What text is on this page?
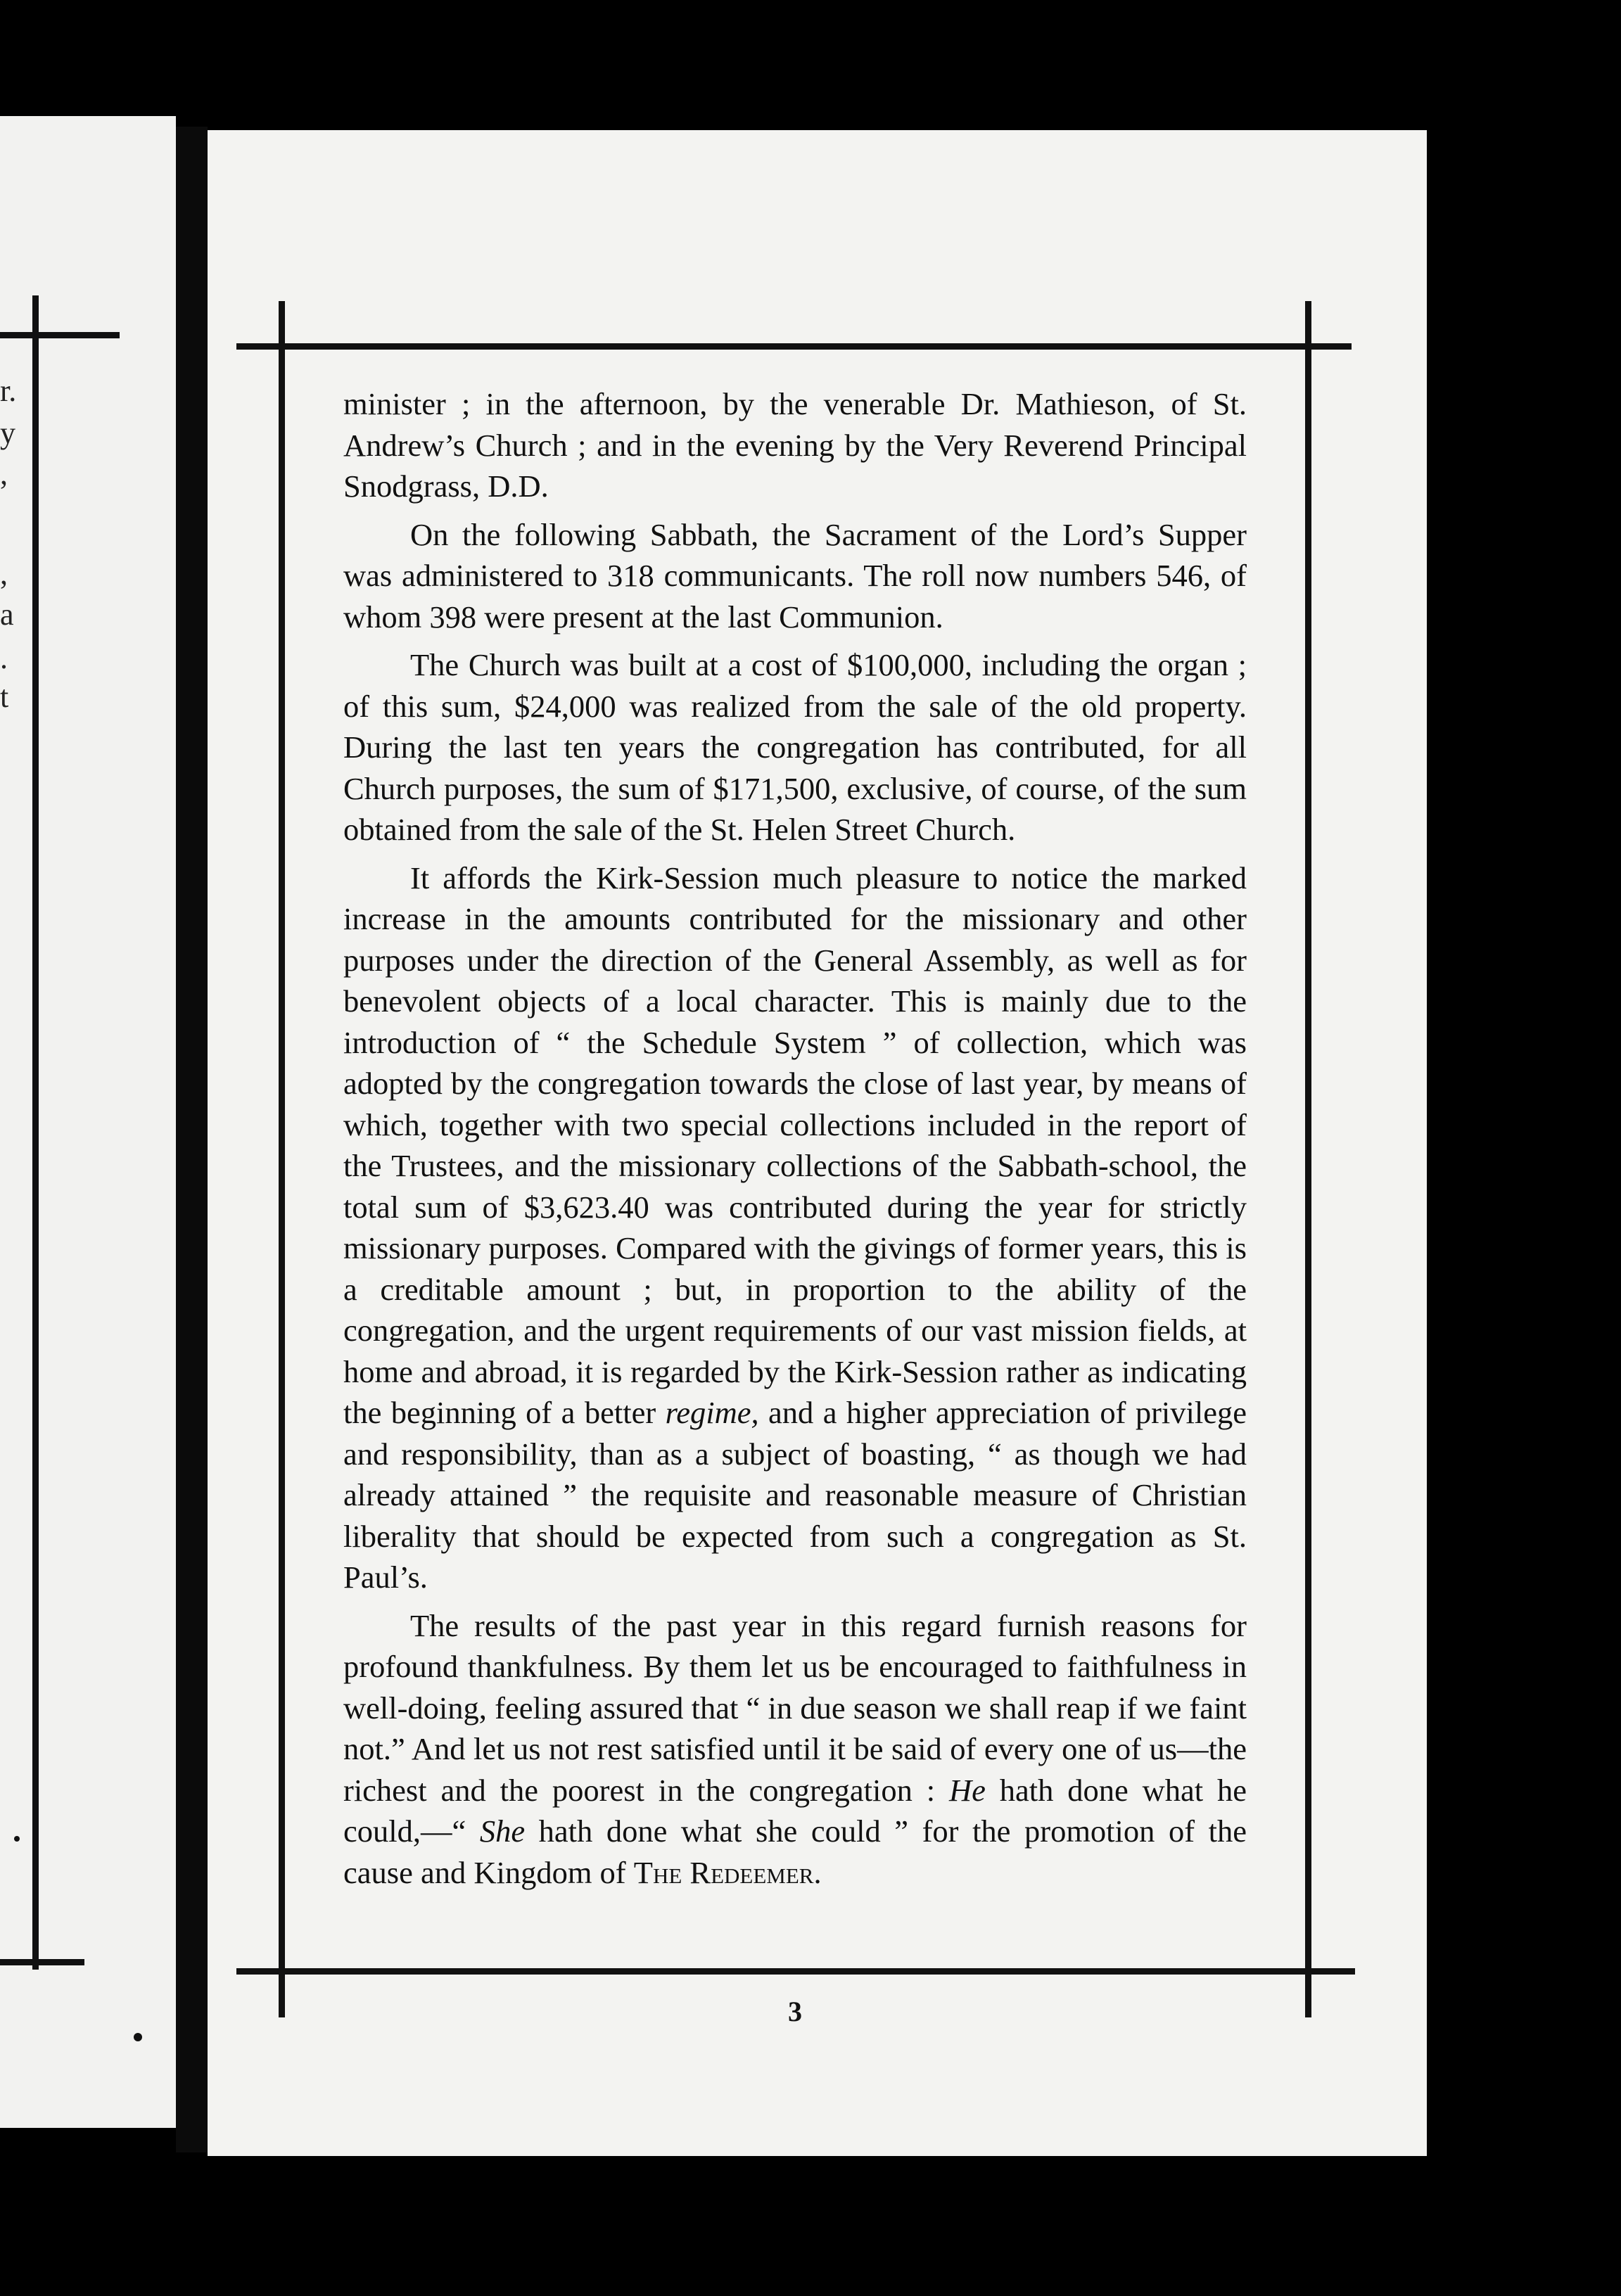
r.
y
,
,
a
.
t

minister ; in the afternoon, by the venerable Dr. Mathieson, of St. Andrew’s Church ; and in the evening by the Very Reverend Principal Snodgrass, D.D.

On the following Sabbath, the Sacrament of the Lord’s Supper was administered to 318 communicants. The roll now numbers 546, of whom 398 were present at the last Communion.

The Church was built at a cost of $100,000, including the organ ; of this sum, $24,000 was realized from the sale of the old property. During the last ten years the congregation has contributed, for all Church purposes, the sum of $171,500, exclusive, of course, of the sum obtained from the sale of the St. Helen Street Church.

It affords the Kirk-Session much pleasure to notice the marked increase in the amounts contributed for the missionary and other purposes under the direction of the General Assembly, as well as for benevolent objects of a local character. This is mainly due to the introduction of “ the Schedule System ” of collection, which was adopted by the congregation towards the close of last year, by means of which, together with two special collections included in the report of the Trustees, and the missionary collections of the Sabbath-school, the total sum of $3,623.40 was contributed during the year for strictly missionary purposes. Compared with the givings of former years, this is a creditable amount ; but, in proportion to the ability of the congregation, and the urgent requirements of our vast mission fields, at home and abroad, it is regarded by the Kirk-Session rather as indicating the beginning of a better regime, and a higher appreciation of privilege and responsibility, than as a subject of boasting, “ as though we had already attained ” the requisite and reasonable measure of Christian liberality that should be expected from such a congregation as St. Paul’s.

The results of the past year in this regard furnish reasons for profound thankfulness. By them let us be encouraged to faithfulness in well-doing, feeling assured that “ in due season we shall reap if we faint not.” And let us not rest satisfied until it be said of every one of us—the richest and the poorest in the congregation : He hath done what he could,—“ She hath done what she could ” for the promotion of the cause and Kingdom of The Redeemer.

3
